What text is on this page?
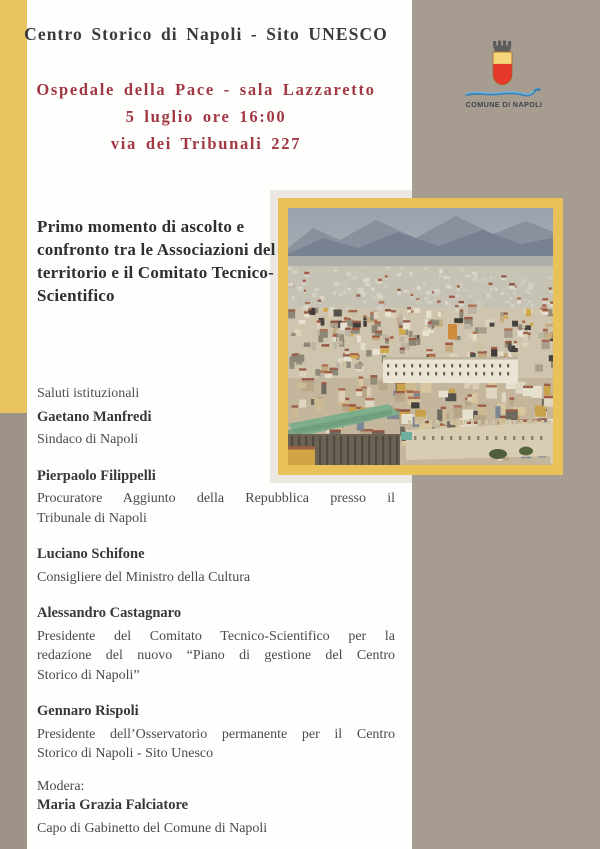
COMUNE DI NAPOLI
Centro Storico di Napoli - Sito UNESCO
Ospedale della Pace - sala Lazzaretto
5 luglio ore 16:00
via dei Tribunali 227
Primo momento di ascolto e
confronto tra le Associazioni del
territorio e il Comitato Tecnico-
Scientifico
Saluti istituzionali
Gaetano Manfredi
Sindaco di Napoli
Pierpaolo Filippelli
Procuratore Aggiunto della Repubblica presso il
Tribunale di Napoli
Luciano Schifone
Consigliere del Ministro della Cultura
Alessandro Castagnaro
Presidente del Comitato Tecnico-Scientifico per la
redazione del nuovo “Piano di gestione del Centro
Storico di Napoli”
Gennaro Rispoli
Presidente dell’Osservatorio permanente per il Centro
Storico di Napoli - Sito Unesco
Modera:
Maria Grazia Falciatore
Capo di Gabinetto del Comune di Napoli
